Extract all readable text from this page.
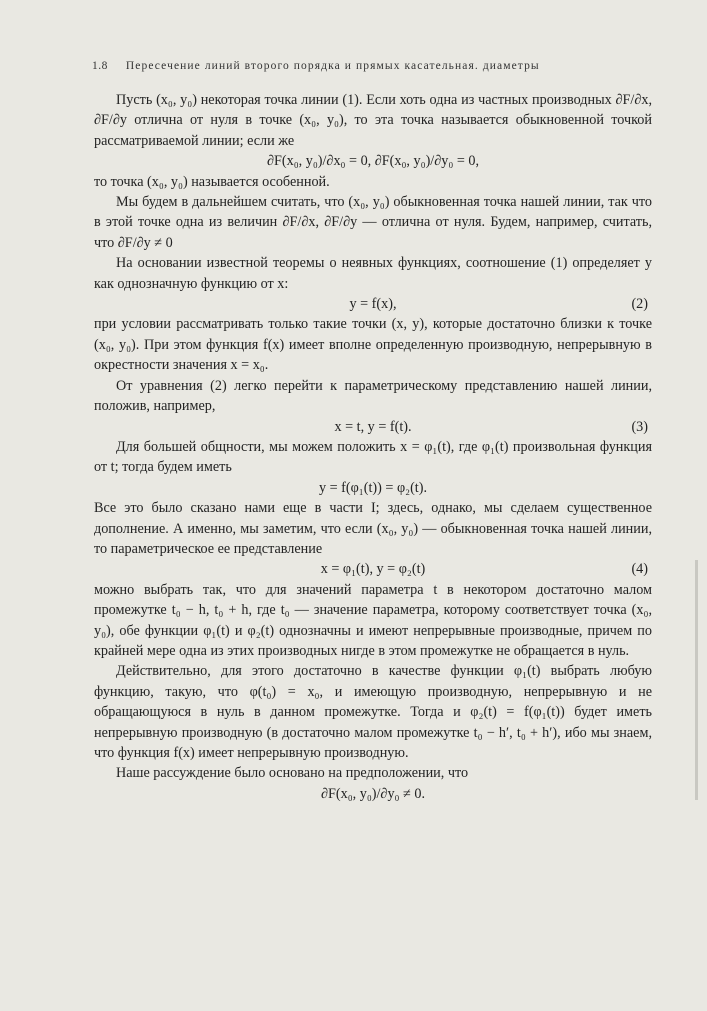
1.8 Пересечение линий второго порядка и прямых касательная. диаметры

Пусть (x₀, y₀) некоторая точка линии (1). Если хоть одна из частных производных ∂F/∂x, ∂F/∂y отлична от нуля в точке (x₀, y₀), то эта точка называется обыкновенной точкой рассматриваемой линии; если же

∂F(x₀, y₀)/∂x₀ = 0, ∂F(x₀, y₀)/∂y₀ = 0,

то точка (x₀, y₀) называется особенной.

Мы будем в дальнейшем считать, что (x₀, y₀) обыкновенная точка нашей линии, так что в этой точке одна из величин ∂F/∂x, ∂F/∂y — отлична от нуля. Будем, например, считать, что ∂F/∂y ≠ 0

На основании известной теоремы о неявных функциях, соотношение (1) определяет y как однозначную функцию от x:

y = f(x),	(2)

при условии рассматривать только такие точки (x, y), которые достаточно близки к точке (x₀, y₀). При этом функция f(x) имеет вполне определенную производную, непрерывную в окрестности значения x = x₀.

От уравнения (2) легко перейти к параметрическому представлению нашей линии, положив, например,

x = t, y = f(t).	(3)

Для большей общности, мы можем положить x = φ₁(t), где φ₁(t) произвольная функция от t; тогда будем иметь

y = f(φ₁(t)) = φ₂(t).

Все это было сказано нами еще в части I; здесь, однако, мы сделаем существенное дополнение. А именно, мы заметим, что если (x₀, y₀) — обыкновенная точка нашей линии, то параметрическое ее представление

x = φ₁(t), y = φ₂(t)	(4)

можно выбрать так, что для значений параметра t в некотором достаточно малом промежутке t₀ − h, t₀ + h, где t₀ — значение параметра, которому соответствует точка (x₀, y₀), обе функции φ₁(t) и φ₂(t) однозначны и имеют непрерывные производные, причем по крайней мере одна из этих производных нигде в этом промежутке не обращается в нуль.

Действительно, для этого достаточно в качестве функции φ₁(t) выбрать любую функцию, такую, что φ(t₀) = x₀, и имеющую производную, непрерывную и не обращающуюся в нуль в данном промежутке. Тогда и φ₂(t) = f(φ₁(t)) будет иметь непрерывную производную (в достаточно малом промежутке t₀ − h′, t₀ + h′), ибо мы знаем, что функция f(x) имеет непрерывную производную.

Наше рассуждение было основано на предположении, что

∂F(x₀, y₀)/∂y₀ ≠ 0.
